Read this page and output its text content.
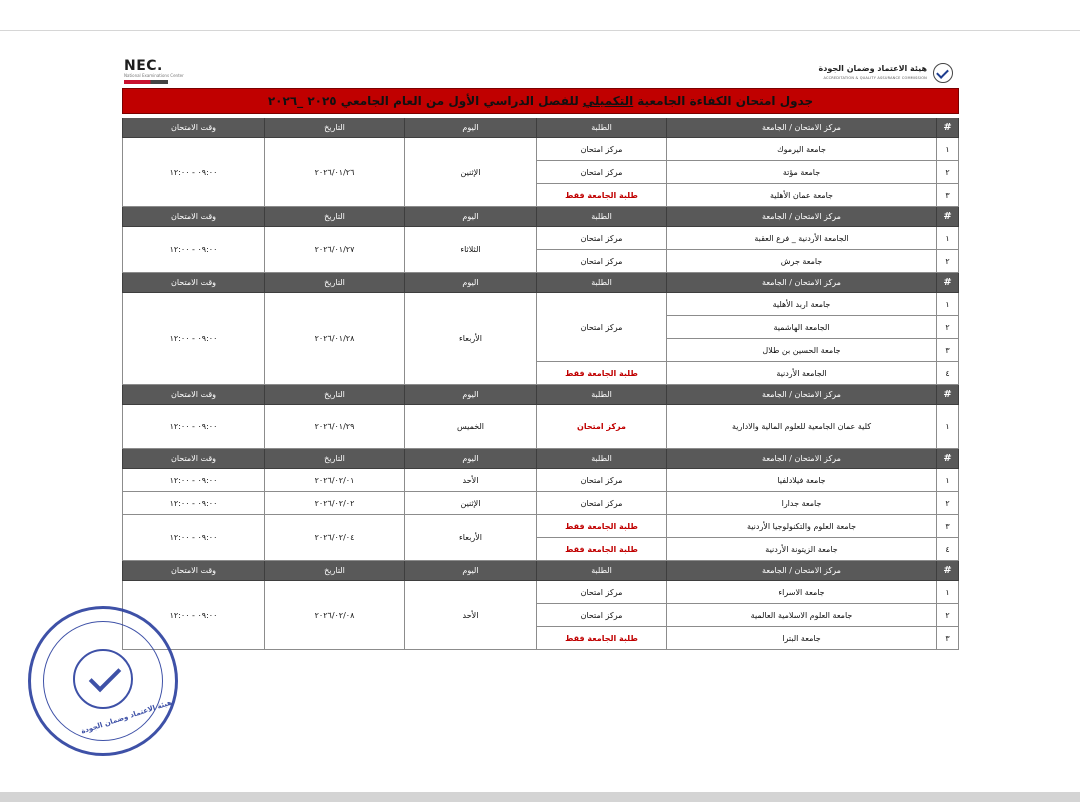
NEC.
National Examinations Center
هيئة الاعتماد وضمان الجودة
ACCREDITATION & QUALITY ASSURANCE COMMISSION
جدول امتحان الكفاءة الجامعية
التكميلي
للفصل الدراسي الأول من العام الجامعي ٢٠٢٥ _٢٠٢٦
#
مركز الامتحان / الجامعة
الطلبة
اليوم
التاريخ
وقت الامتحان
١
٢
٣
جامعة اليرموك
جامعة مؤتة
جامعة عمان الأهلية
مركز امتحان
مركز امتحان
طلبة الجامعة فقط
الإثنين
٢٠٢٦/٠١/٢٦
٠٩:٠٠ - ١٢:٠٠
#
مركز الامتحان / الجامعة
الطلبة
اليوم
التاريخ
وقت الامتحان
١
٢
الجامعة الأردنية _ فرع العقبة
جامعة جرش
مركز امتحان
مركز امتحان
الثلاثاء
٢٠٢٦/٠١/٢٧
٠٩:٠٠ - ١٢:٠٠
#
مركز الامتحان / الجامعة
الطلبة
اليوم
التاريخ
وقت الامتحان
١
٢
٣
٤
جامعة اربد الأهلية
الجامعة الهاشمية
جامعة الحسين بن طلال
الجامعة الأردنية
مركز امتحان
طلبة الجامعة فقط
الأربعاء
٢٠٢٦/٠١/٢٨
٠٩:٠٠ - ١٢:٠٠
#
مركز الامتحان / الجامعة
الطلبة
اليوم
التاريخ
وقت الامتحان
١
كلية عمان الجامعية للعلوم المالية والادارية
مركز امتحان
الخميس
٢٠٢٦/٠١/٢٩
٠٩:٠٠ - ١٢:٠٠
#
مركز الامتحان / الجامعة
الطلبة
اليوم
التاريخ
وقت الامتحان
١
جامعة فيلادلفيا
مركز امتحان
الأحد
٢٠٢٦/٠٢/٠١
٠٩:٠٠ - ١٢:٠٠
٢
جامعة جدارا
مركز امتحان
الإثنين
٢٠٢٦/٠٢/٠٢
٠٩:٠٠ - ١٢:٠٠
٣
٤
جامعة العلوم والتكنولوجيا الأردنية
جامعة الزيتونة الأردنية
طلبة الجامعة فقط
طلبة الجامعة فقط
الأربعاء
٢٠٢٦/٠٢/٠٤
٠٩:٠٠ - ١٢:٠٠
#
مركز الامتحان / الجامعة
الطلبة
اليوم
التاريخ
وقت الامتحان
١
٢
٣
جامعة الاسراء
جامعة العلوم الاسلامية العالمية
جامعة البترا
مركز امتحان
مركز امتحان
طلبة الجامعة فقط
الأحد
٢٠٢٦/٠٢/٠٨
٠٩:٠٠ - ١٢:٠٠
هيئة الاعتماد وضمان الجودة
